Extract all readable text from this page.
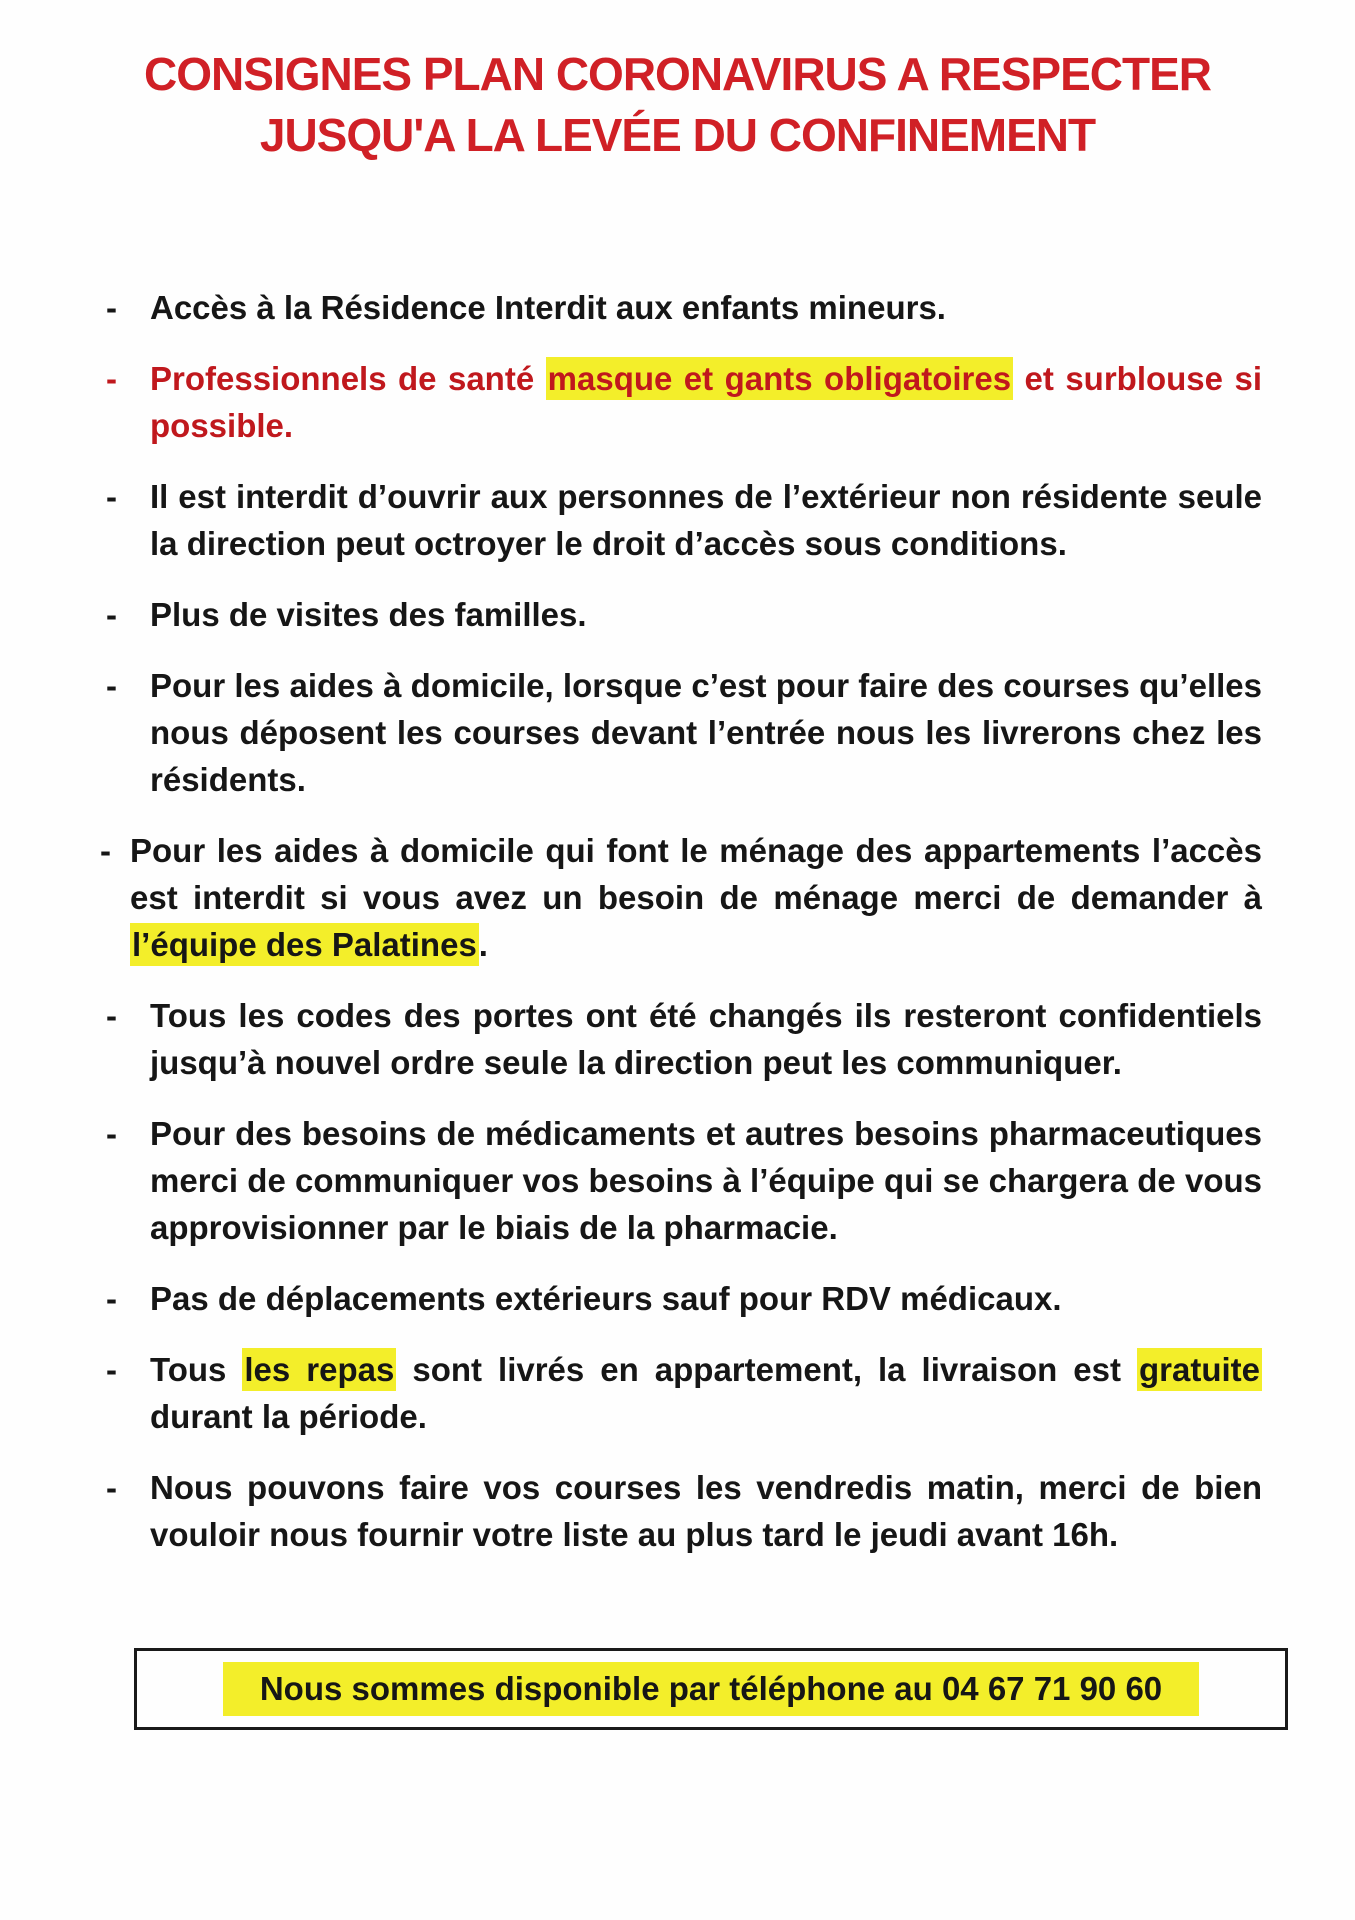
CONSIGNES PLAN CORONAVIRUS A RESPECTER
JUSQU'A LA LEVÉE DU CONFINEMENT
- Accès à la Résidence Interdit aux enfants mineurs.
- Professionnels de santé masque et gants obligatoires et surblouse si possible.
- Il est interdit d’ouvrir aux personnes de l’extérieur non résidente seule la direction peut octroyer le droit d’accès sous conditions.
- Plus de visites des familles.
- Pour les aides à domicile, lorsque c’est pour faire des courses qu’elles nous déposent les courses devant l’entrée nous les livrerons chez les résidents.
- Pour les aides à domicile qui font le ménage des appartements l’accès est interdit si vous avez un besoin de ménage merci de demander à l’équipe des Palatines.
- Tous les codes des portes ont été changés ils resteront confidentiels jusqu’à nouvel ordre seule la direction peut les communiquer.
- Pour des besoins de médicaments et autres besoins pharmaceutiques merci de communiquer vos besoins à l’équipe qui se chargera de vous approvisionner par le biais de la pharmacie.
- Pas de déplacements extérieurs sauf pour RDV médicaux.
- Tous les repas sont livrés en appartement, la livraison est gratuite durant la période.
- Nous pouvons faire vos courses les vendredis matin, merci de bien vouloir nous fournir votre liste au plus tard le jeudi avant 16h.
Nous sommes disponible par téléphone au 04 67 71 90 60
